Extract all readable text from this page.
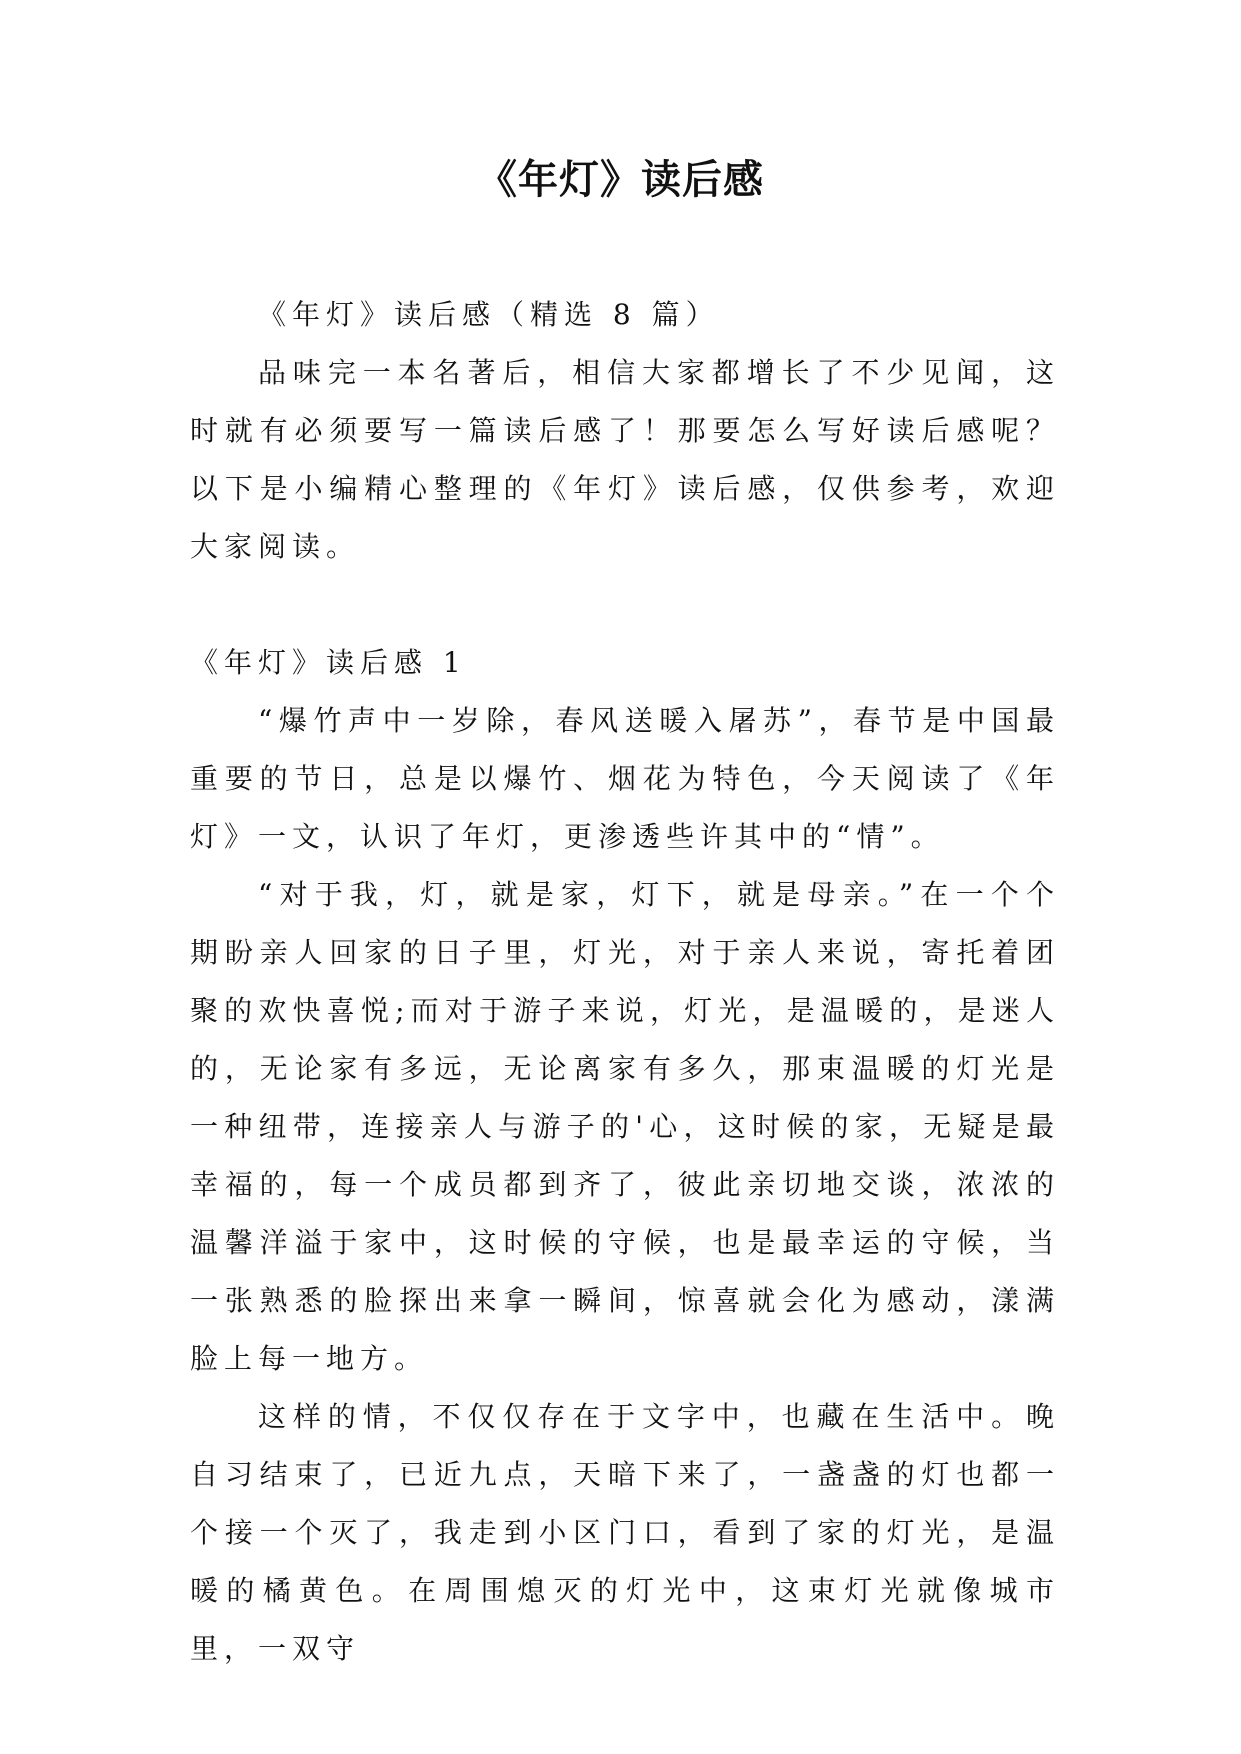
《年灯》读后感

《年灯》读后感（精选 8 篇）

品味完一本名著后，相信大家都增长了不少见闻，这时就有必须要写一篇读后感了！那要怎么写好读后感呢？以下是小编精心整理的《年灯》读后感，仅供参考，欢迎大家阅读。

《年灯》读后感 1

“爆竹声中一岁除，春风送暖入屠苏”，春节是中国最重要的节日，总是以爆竹、烟花为特色，今天阅读了《年灯》一文，认识了年灯，更渗透些许其中的“情”。

“对于我，灯，就是家，灯下，就是母亲。”在一个个期盼亲人回家的日子里，灯光，对于亲人来说，寄托着团聚的欢快喜悦;而对于游子来说，灯光，是温暖的，是迷人的，无论家有多远，无论离家有多久，那束温暖的灯光是一种纽带，连接亲人与游子的'心，这时候的家，无疑是最幸福的，每一个成员都到齐了，彼此亲切地交谈，浓浓的温馨洋溢于家中，这时候的守候，也是最幸运的守候，当一张熟悉的脸探出来拿一瞬间，惊喜就会化为感动，漾满脸上每一地方。

这样的情，不仅仅存在于文字中，也藏在生活中。晚自习结束了，已近九点，天暗下来了，一盏盏的灯也都一个接一个灭了，我走到小区门口，看到了家的灯光，是温暖的橘黄色。在周围熄灭的灯光中，这束灯光就像城市里，一双守
